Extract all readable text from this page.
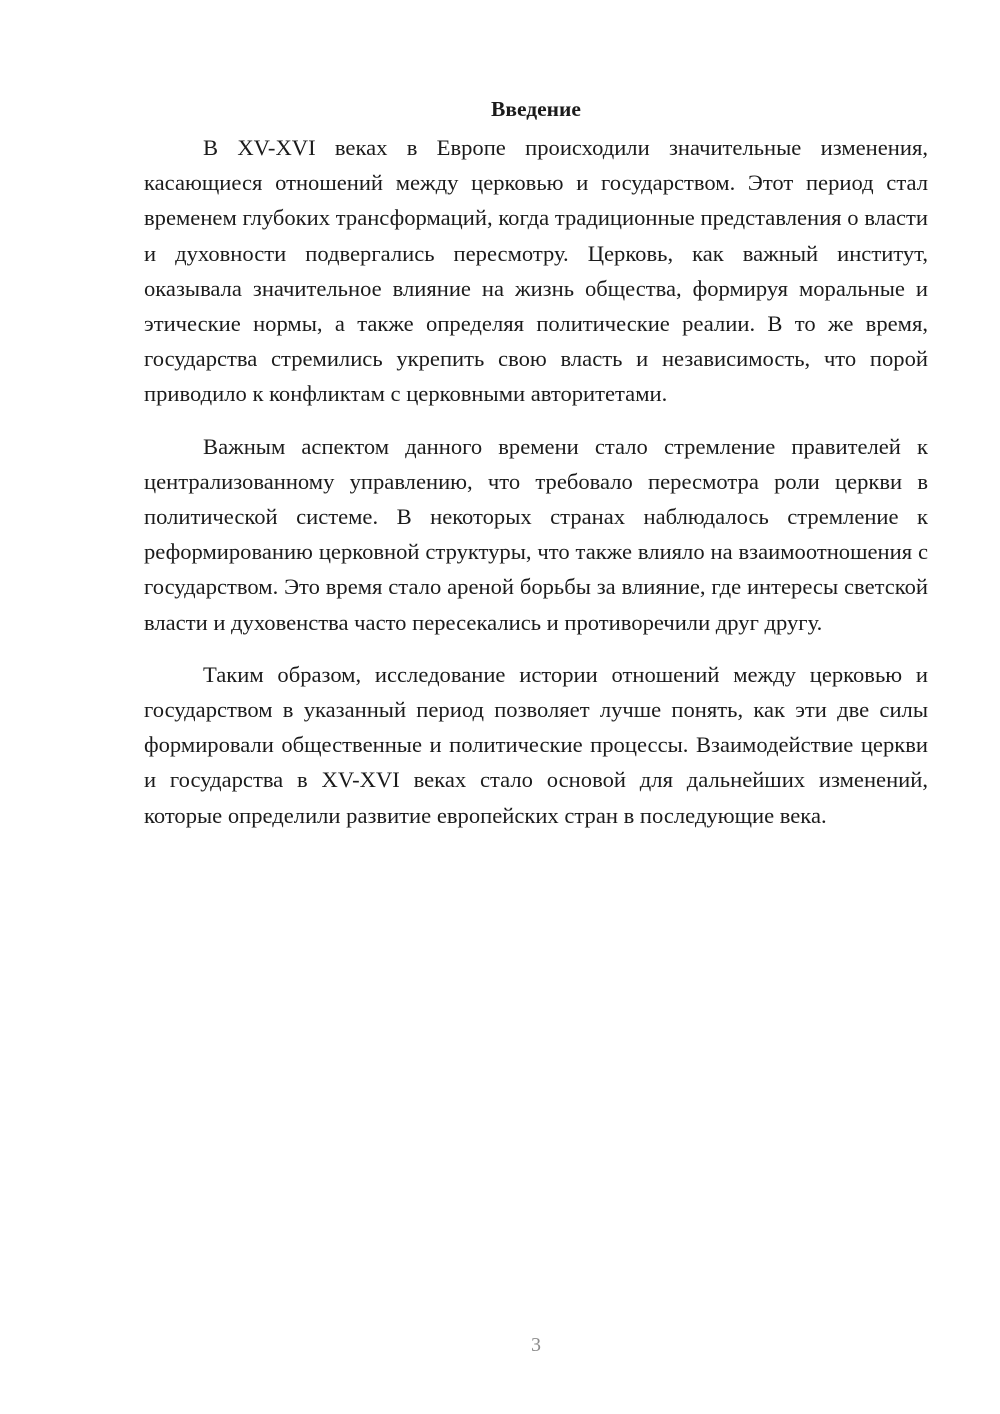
Введение

В XV-XVI веках в Европе происходили значительные изменения, касающиеся отношений между церковью и государством. Этот период стал временем глубоких трансформаций, когда традиционные представления о власти и духовности подвергались пересмотру. Церковь, как важный институт, оказывала значительное влияние на жизнь общества, формируя моральные и этические нормы, а также определяя политические реалии. В то же время, государства стремились укрепить свою власть и независимость, что порой приводило к конфликтам с церковными авторитетами.

Важным аспектом данного времени стало стремление правителей к централизованному управлению, что требовало пересмотра роли церкви в политической системе. В некоторых странах наблюдалось стремление к реформированию церковной структуры, что также влияло на взаимоотношения с государством. Это время стало ареной борьбы за влияние, где интересы светской власти и духовенства часто пересекались и противоречили друг другу.

Таким образом, исследование истории отношений между церковью и государством в указанный период позволяет лучше понять, как эти две силы формировали общественные и политические процессы. Взаимодействие церкви и государства в XV-XVI веках стало основой для дальнейших изменений, которые определили развитие европейских стран в последующие века.

3
